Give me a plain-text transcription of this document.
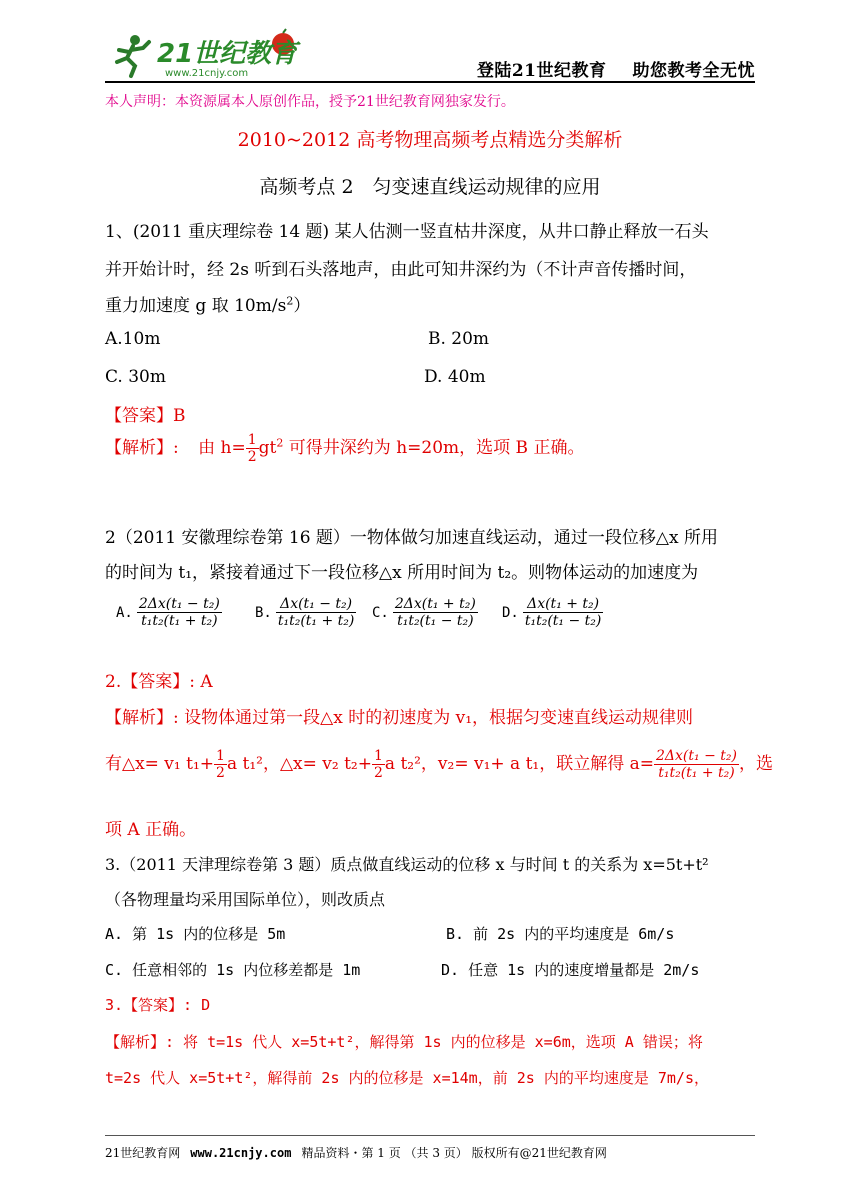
21世纪教育
www.21cnjy.com	登陆21世纪教育 助您教考全无忧
本人声明：本资源属本人原创作品，授予21世纪教育网独家发行。
2010~2012 高考物理高频考点精选分类解析
高频考点 2　匀变速直线运动规律的应用
1、(2011 重庆理综卷 14 题) 某人估测一竖直枯井深度，从井口静止释放一石头
并开始计时，经 2s 听到石头落地声，由此可知井深约为（不计声音传播时间，
重力加速度 g 取 $10m/s^2$）
A.10m	B. 20m
C. 30m	D. 40m
【答案】B
【解析】: 由 $h= \frac{1}{2} gt^2$ 可得井深约为 h=20m，选项 B 正确。
2（2011 安徽理综卷第 16 题）一物体做匀加速直线运动，通过一段位移△x 所用
的时间为 t₁，紧接着通过下一段位移△x 所用时间为 t₂。则物体运动的加速度为
A. $\frac{\text{2Δx(t₁ − t₂)}}{\text{t₁t₂(t₁ + t₂)}} B$. $\frac{\text{Δx(t₁ − t₂)}}{\text{t₁t₂(t₁ + t₂)}} C$. $\frac{\text{2Δx(t₁ + t₂)}}{\text{t₁t₂(t₁ − t₂)}} D$. $\frac{\text{Δx(t₁ + t₂)}}{\text{t₁t₂(t₁ − t₂)}}$
2.【答案】: A
【解析】: 设物体通过第一段△x 时的初速度为 v₁，根据匀变速直线运动规律则
有△x= v₁ $t_1+ \frac{1}{2}$ a t₁²，△x= v₂ $t_2+ \frac{1}{2}$ a t₂²，v₂= v₁+ a t₁，联立解得 $a= \frac{\text{2Δx(t₁ − t₂)}}{\text{t₁t₂(t₁ + t₂)}}$ ，选
项 A 正确。
3.（2011 天津理综卷第 3 题）质点做直线运动的位移 x 与时间 t 的关系为 x=5t+t²
（各物理量均采用国际单位），则改质点
A. 第 1s 内的位移是 5m	B. 前 2s 内的平均速度是 6m/s
C. 任意相邻的 1s 内位移差都是 1m	D. 任意 1s 内的速度增量都是 2m/s
3.【答案】: D
【解析】: 将 t=1s 代人 x=5t+t²，解得第 1s 内的位移是 x=6m，选项 A 错误；将
t=2s 代人 x=5t+t²，解得前 2s 内的位移是 x=14m，前 2s 内的平均速度是 7m/s，
21世纪教育网 www.21cnjy.com 精品资料・第 1 页 （共 3 页） 版权所有@21世纪教育网
